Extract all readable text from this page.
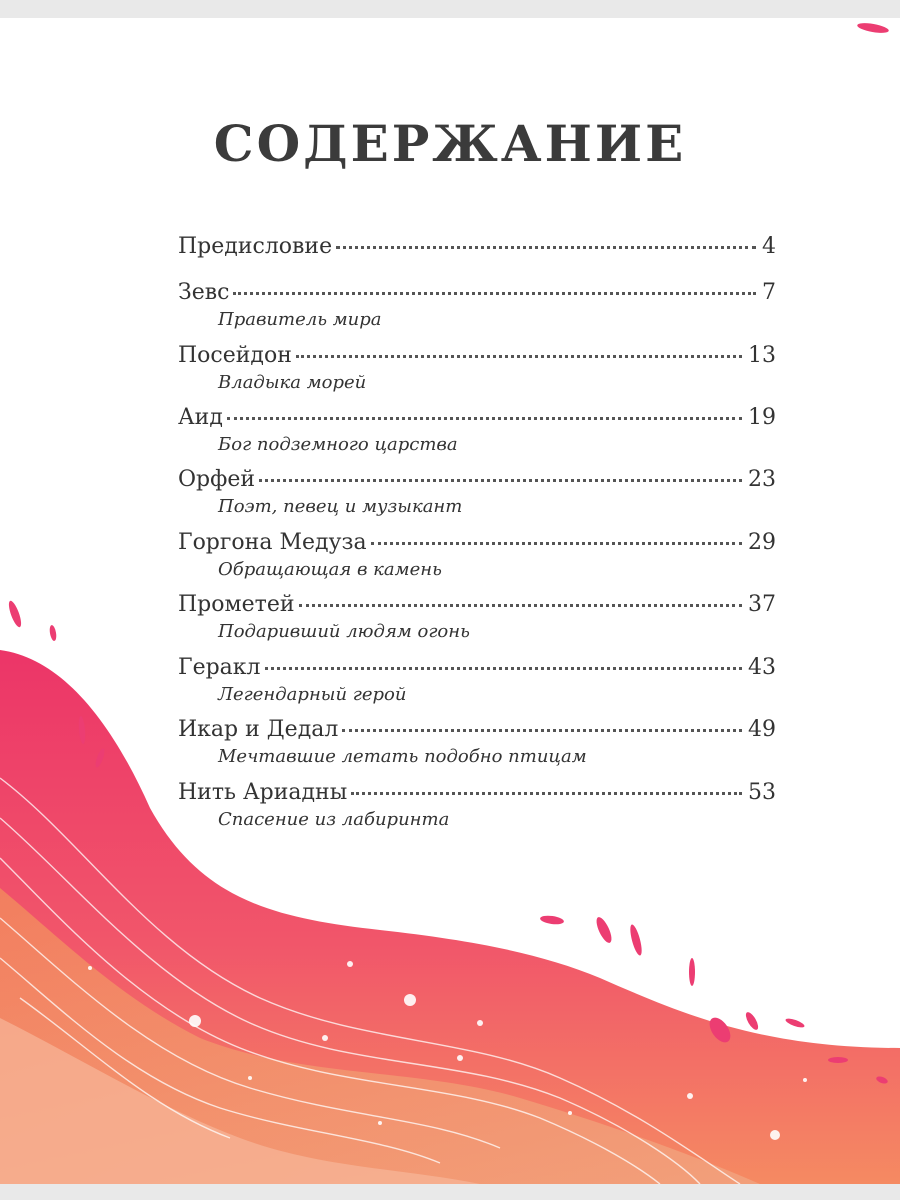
СОДЕРЖАНИЕ
Предисловие	4
Зевс	7
Правитель мира
Посейдон	13
Владыка морей
Аид	19
Бог подземного царства
Орфей	23
Поэт, певец и музыкант
Горгона Медуза	29
Обращающая в камень
Прометей	37
Подаривший людям огонь
Геракл	43
Легендарный герой
Икар и Дедал	49
Мечтавшие летать подобно птицам
Нить Ариадны	53
Спасение из лабиринта
